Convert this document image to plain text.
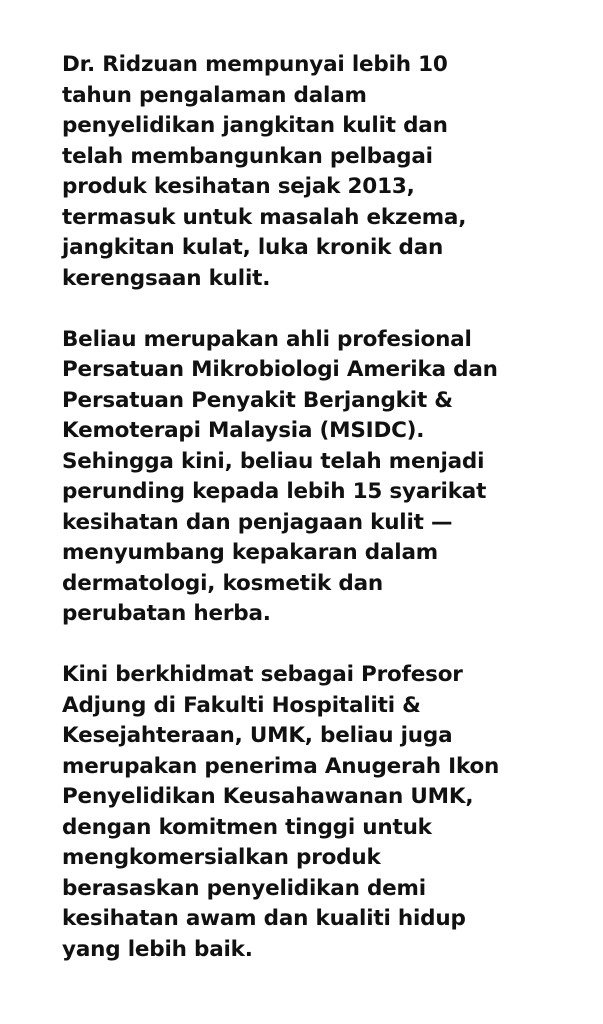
Dr. Ridzuan mempunyai lebih 10
tahun pengalaman dalam
penyelidikan jangkitan kulit dan
telah membangunkan pelbagai
produk kesihatan sejak 2013,
termasuk untuk masalah ekzema,
jangkitan kulat, luka kronik dan
kerengsaan kulit.

Beliau merupakan ahli profesional
Persatuan Mikrobiologi Amerika dan
Persatuan Penyakit Berjangkit &
Kemoterapi Malaysia (MSIDC).
Sehingga kini, beliau telah menjadi
perunding kepada lebih 15 syarikat
kesihatan dan penjagaan kulit —
menyumbang kepakaran dalam
dermatologi, kosmetik dan
perubatan herba.

Kini berkhidmat sebagai Profesor
Adjung di Fakulti Hospitaliti &
Kesejahteraan, UMK, beliau juga
merupakan penerima Anugerah Ikon
Penyelidikan Keusahawanan UMK,
dengan komitmen tinggi untuk
mengkomersialkan produk
berasaskan penyelidikan demi
kesihatan awam dan kualiti hidup
yang lebih baik.
